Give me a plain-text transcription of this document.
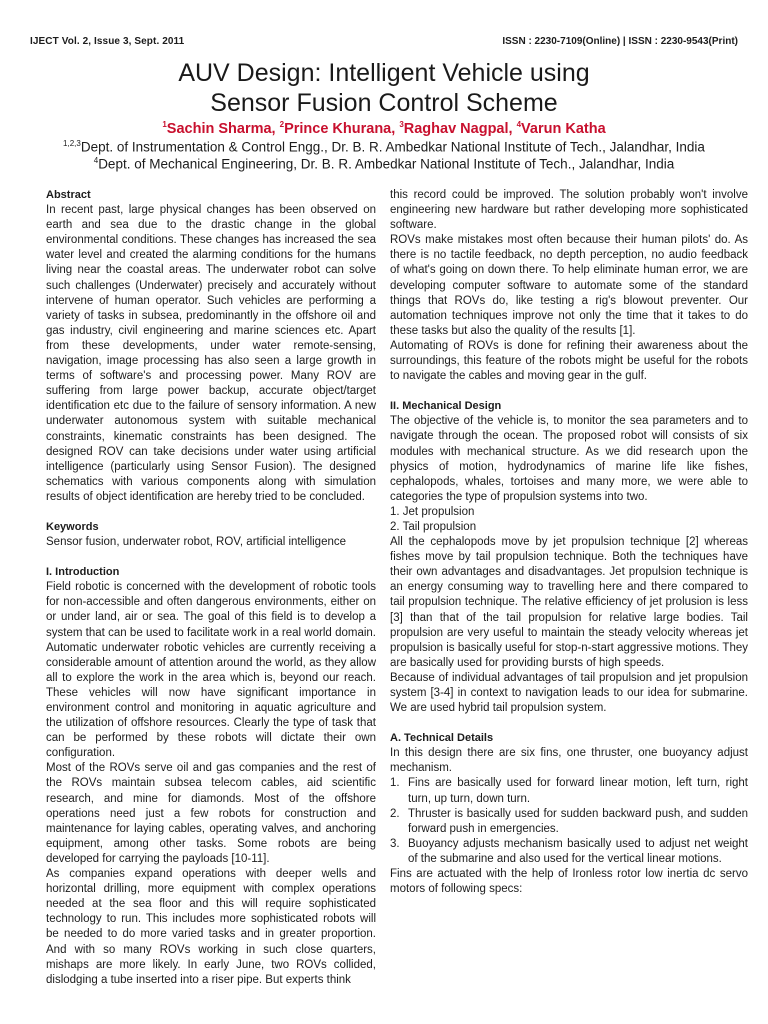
IJECT Vol. 2, Issue 3, Sept. 2011	ISSN : 2230-7109(Online) | ISSN : 2230-9543(Print)
AUV Design: Intelligent Vehicle using
Sensor Fusion Control Scheme
$^1$Sachin Sharma, $^2$Prince Khurana, $^3$Raghav Nagpal, $^4$Varun Katha
$^{1,2,3}$Dept. of Instrumentation & Control Engg., Dr. B. R. Ambedkar National Institute of Tech., Jalandhar, India
$^4$Dept. of Mechanical Engineering, Dr. B. R. Ambedkar National Institute of Tech., Jalandhar, India

Abstract

In recent past, large physical changes has been observed on earth and sea due to the drastic change in the global environmental conditions. These changes has increased the sea water level and created the alarming conditions for the humans living near the coastal areas. The underwater robot can solve such challenges (Underwater) precisely and accurately without intervene of human operator. Such vehicles are performing a variety of tasks in subsea, predominantly in the offshore oil and gas industry, civil engineering and marine sciences etc. Apart from these developments, under water remote-sensing, navigation, image processing has also seen a large growth in terms of software's and processing power. Many ROV are suffering from large power backup, accurate object/target identification etc due to the failure of sensory information. A new underwater autonomous system with suitable mechanical constraints, kinematic constraints has been designed. The designed ROV can take decisions under water using artificial intelligence (particularly using Sensor Fusion). The designed schematics with various components along with simulation results of object identification are hereby tried to be concluded.

Keywords

Sensor fusion, underwater robot, ROV, artificial intelligence

I. Introduction

Field robotic is concerned with the development of robotic tools for non-accessible and often dangerous environments, either on or under land, air or sea. The goal of this field is to develop a system that can be used to facilitate work in a real world domain. Automatic underwater robotic vehicles are currently receiving a considerable amount of attention around the world, as they allow all to explore the work in the area which is, beyond our reach. These vehicles will now have significant importance in environment control and monitoring in aquatic agriculture and the utilization of offshore resources. Clearly the type of task that can be performed by these robots will dictate their own configuration.

Most of the ROVs serve oil and gas companies and the rest of the ROVs maintain subsea telecom cables, aid scientific research, and mine for diamonds. Most of the offshore operations need just a few robots for construction and maintenance for laying cables, operating valves, and anchoring equipment, among other tasks. Some robots are being developed for carrying the payloads [10-11].

As companies expand operations with deeper wells and horizontal drilling, more equipment with complex operations needed at the sea floor and this will require sophisticated technology to run. This includes more sophisticated robots will be needed to do more varied tasks and in greater proportion. And with so many ROVs working in such close quarters, mishaps are more likely. In early June, two ROVs collided, dislodging a tube inserted into a riser pipe. But experts think

this record could be improved. The solution probably won't involve engineering new hardware but rather developing more sophisticated software.

ROVs make mistakes most often because their human pilots' do. As there is no tactile feedback, no depth perception, no audio feedback of what's going on down there. To help eliminate human error, we are developing computer software to automate some of the standard things that ROVs do, like testing a rig's blowout preventer. Our automation techniques improve not only the time that it takes to do these tasks but also the quality of the results [1].

Automating of ROVs is done for refining their awareness about the surroundings, this feature of the robots might be useful for the robots to navigate the cables and moving gear in the gulf.

II. Mechanical Design

The objective of the vehicle is, to monitor the sea parameters and to navigate through the ocean. The proposed robot will consists of six modules with mechanical structure. As we did research upon the physics of motion, hydrodynamics of marine life like fishes, cephalopods, whales, tortoises and many more, we were able to categories the type of propulsion systems into two.

1. Jet propulsion

2. Tail propulsion

All the cephalopods move by jet propulsion technique [2] whereas fishes move by tail propulsion technique. Both the techniques have their own advantages and disadvantages. Jet propulsion technique is an energy consuming way to travelling here and there compared to tail propulsion technique. The relative efficiency of jet prolusion is less [3] than that of the tail propulsion for relative large bodies. Tail propulsion are very useful to maintain the steady velocity whereas jet propulsion is basically useful for stop-n-start aggressive motions. They are basically used for providing bursts of high speeds.

Because of individual advantages of tail propulsion and jet propulsion system [3-4] in context to navigation leads to our idea for submarine. We are used hybrid tail propulsion system.

A. Technical Details

In this design there are six fins, one thruster, one buoyancy adjust mechanism.

1. Fins are basically used for forward linear motion, left turn, right turn, up turn, down turn.
2. Thruster is basically used for sudden backward push, and sudden forward push in emergencies.
3. Buoyancy adjusts mechanism basically used to adjust net weight of the submarine and also used for the vertical linear motions.

Fins are actuated with the help of Ironless rotor low inertia dc servo motors of following specs:
